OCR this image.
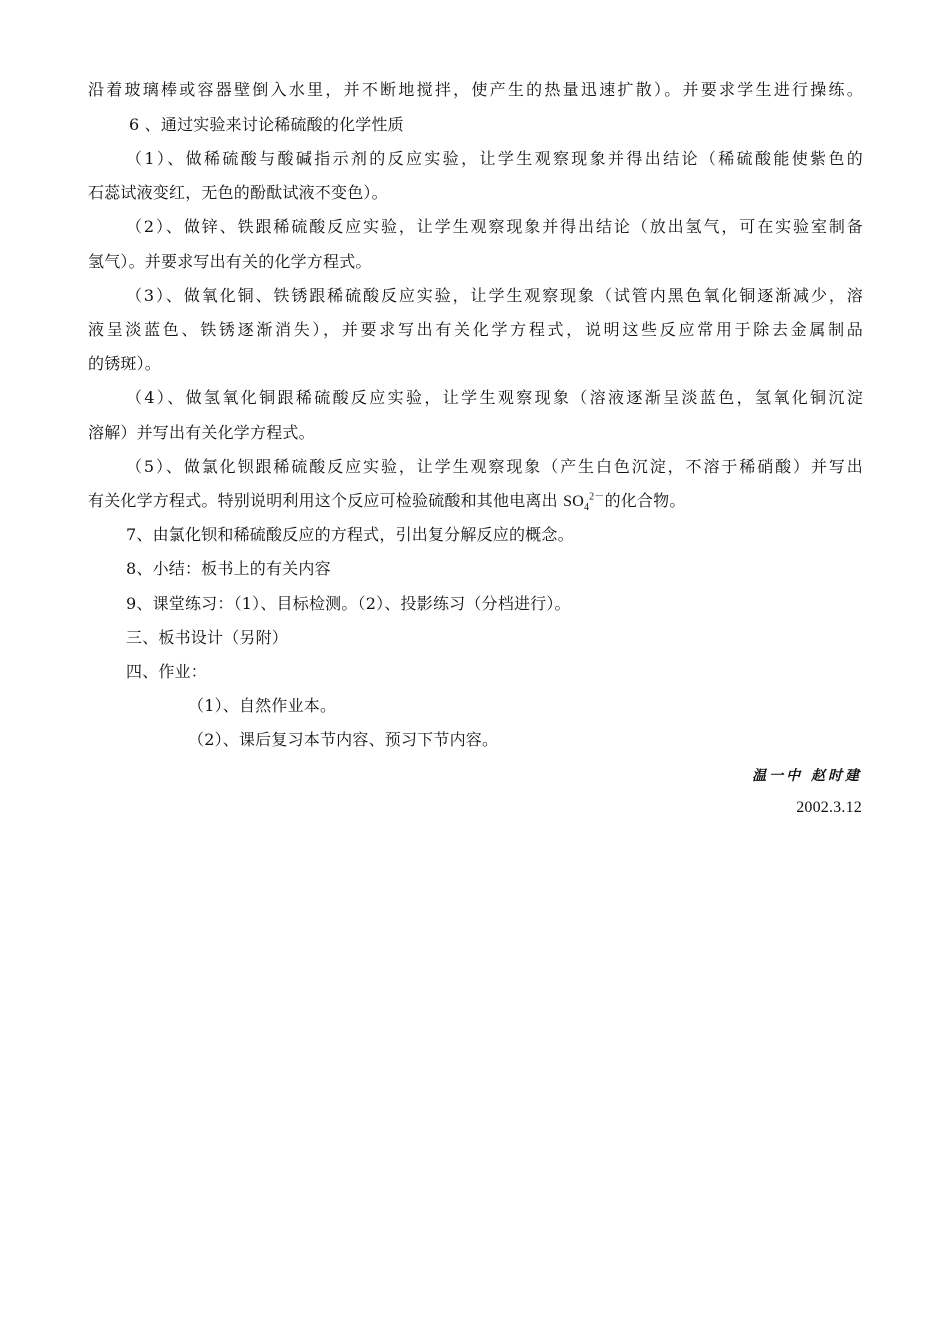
沿着玻璃棒或容器壁倒入水里，并不断地搅拌，使产生的热量迅速扩散）。并要求学生进行操练。
6 、通过实验来讨论稀硫酸的化学性质
（1）、做稀硫酸与酸碱指示剂的反应实验，让学生观察现象并得出结论（稀硫酸能使紫色的
石蕊试液变红，无色的酚酞试液不变色）。
（2）、做锌、铁跟稀硫酸反应实验，让学生观察现象并得出结论（放出氢气，可在实验室制备
氢气）。并要求写出有关的化学方程式。
（3）、做氧化铜、铁锈跟稀硫酸反应实验，让学生观察现象（试管内黑色氧化铜逐渐减少，溶
液呈淡蓝色、铁锈逐渐消失），并要求写出有关化学方程式，说明这些反应常用于除去金属制品
的锈斑）。
（4）、做氢氧化铜跟稀硫酸反应实验，让学生观察现象（溶液逐渐呈淡蓝色，氢氧化铜沉淀
溶解）并写出有关化学方程式。
（5）、做氯化钡跟稀硫酸反应实验，让学生观察现象（产生白色沉淀，不溶于稀硝酸）并写出
有关化学方程式。特别说明利用这个反应可检验硫酸和其他电离出 $SO_4^{2-}$的化合物。
7、由氯化钡和稀硫酸反应的方程式，引出复分解反应的概念。
8、小结：板书上的有关内容
9、课堂练习：（1）、目标检测。（2）、投影练习（分档进行）。
三、板书设计（另附）
四、作业：
（1）、自然作业本。
（2）、课后复习本节内容、预习下节内容。
温一中 赵时建
2002.3.12
